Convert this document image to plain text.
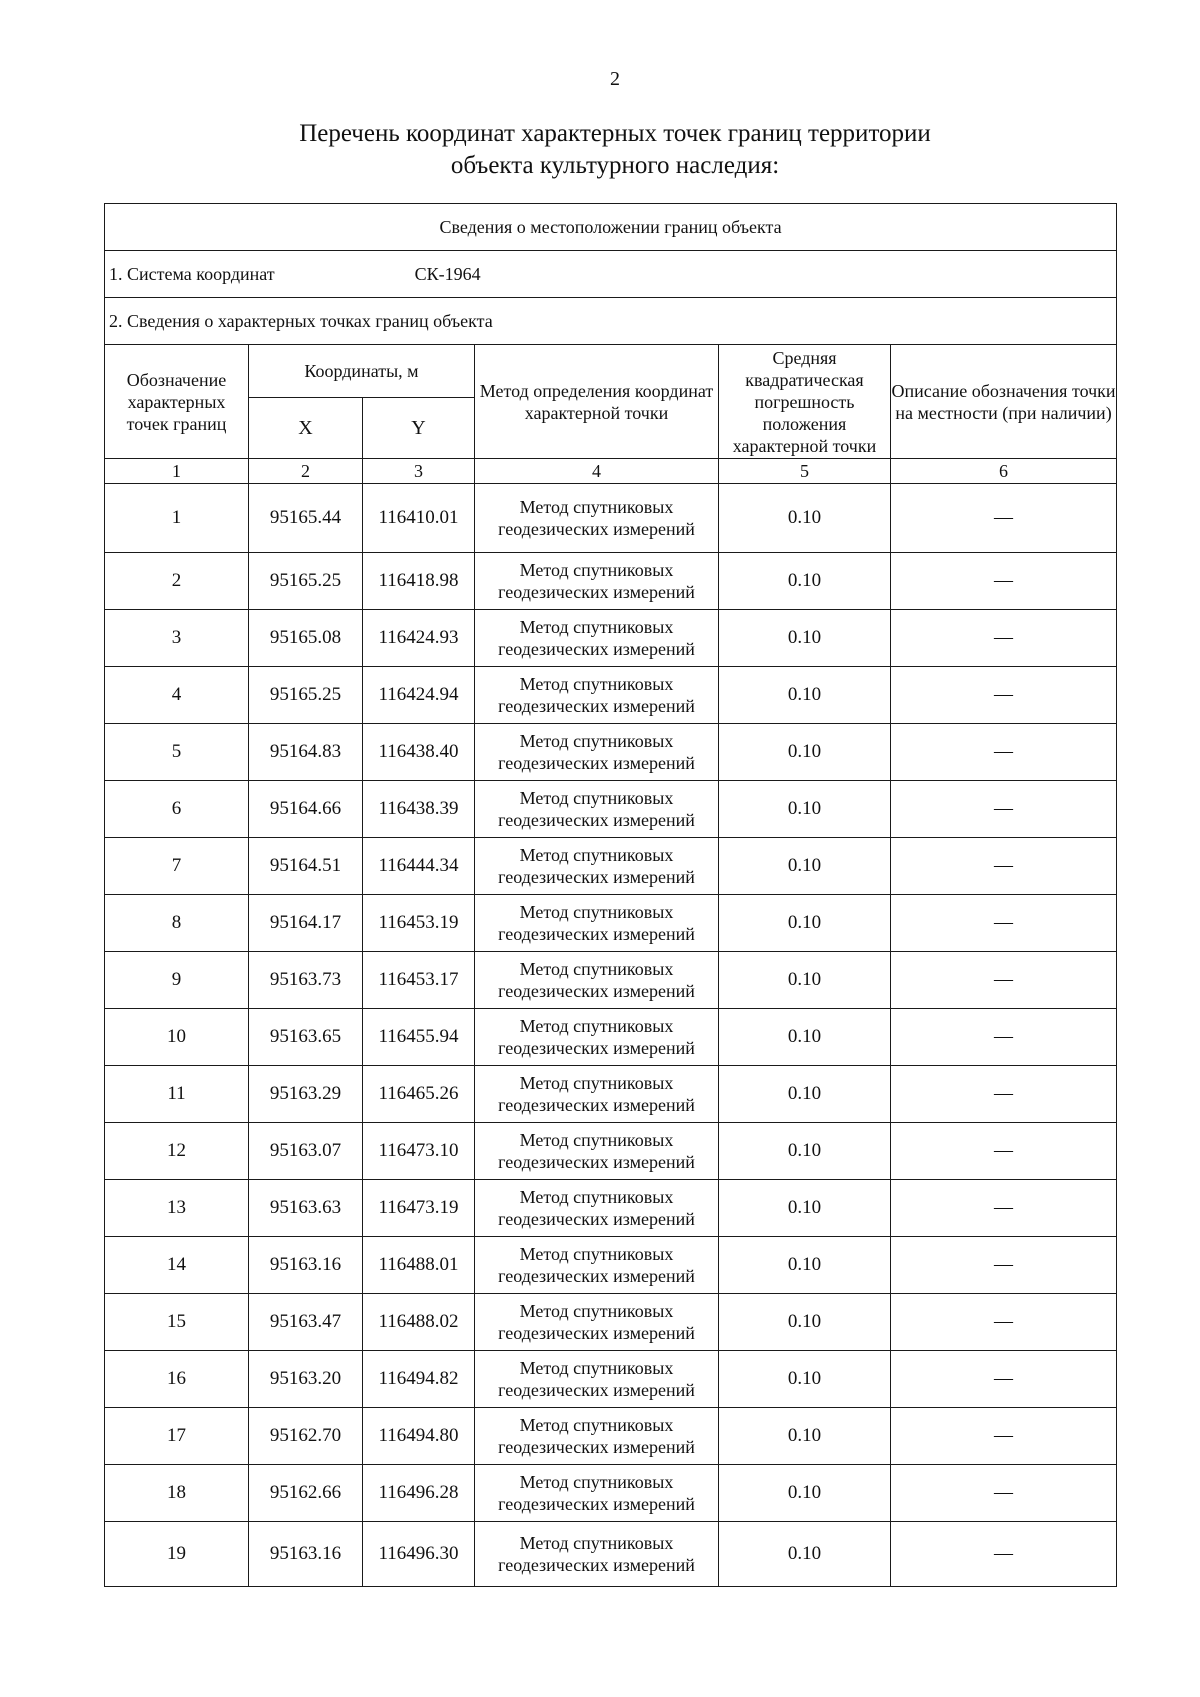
2
Перечень координат характерных точек границ территории
объекта культурного наследия:
Сведения о местоположении границ объекта					
1. Система координат СК-1964					
2. Сведения о характерных точках границ объекта					
Обозначение характерных точек границ	Координаты, м		Метод определения координат характерной точки	Средняя квадратическая погрешность положения характерной точки	Описание обозначения точки на местности (при наличии)
	X	Y			
1	2	3	4	5	6
1	95165.44	116410.01	Метод спутниковых геодезических измерений	0.10	—
2	95165.25	116418.98	Метод спутниковых геодезических измерений	0.10	—
3	95165.08	116424.93	Метод спутниковых геодезических измерений	0.10	—
4	95165.25	116424.94	Метод спутниковых геодезических измерений	0.10	—
5	95164.83	116438.40	Метод спутниковых геодезических измерений	0.10	—
6	95164.66	116438.39	Метод спутниковых геодезических измерений	0.10	—
7	95164.51	116444.34	Метод спутниковых геодезических измерений	0.10	—
8	95164.17	116453.19	Метод спутниковых геодезических измерений	0.10	—
9	95163.73	116453.17	Метод спутниковых геодезических измерений	0.10	—
10	95163.65	116455.94	Метод спутниковых геодезических измерений	0.10	—
11	95163.29	116465.26	Метод спутниковых геодезических измерений	0.10	—
12	95163.07	116473.10	Метод спутниковых геодезических измерений	0.10	—
13	95163.63	116473.19	Метод спутниковых геодезических измерений	0.10	—
14	95163.16	116488.01	Метод спутниковых геодезических измерений	0.10	—
15	95163.47	116488.02	Метод спутниковых геодезических измерений	0.10	—
16	95163.20	116494.82	Метод спутниковых геодезических измерений	0.10	—
17	95162.70	116494.80	Метод спутниковых геодезических измерений	0.10	—
18	95162.66	116496.28	Метод спутниковых геодезических измерений	0.10	—
19	95163.16	116496.30	Метод спутниковых геодезических измерений	0.10	—
